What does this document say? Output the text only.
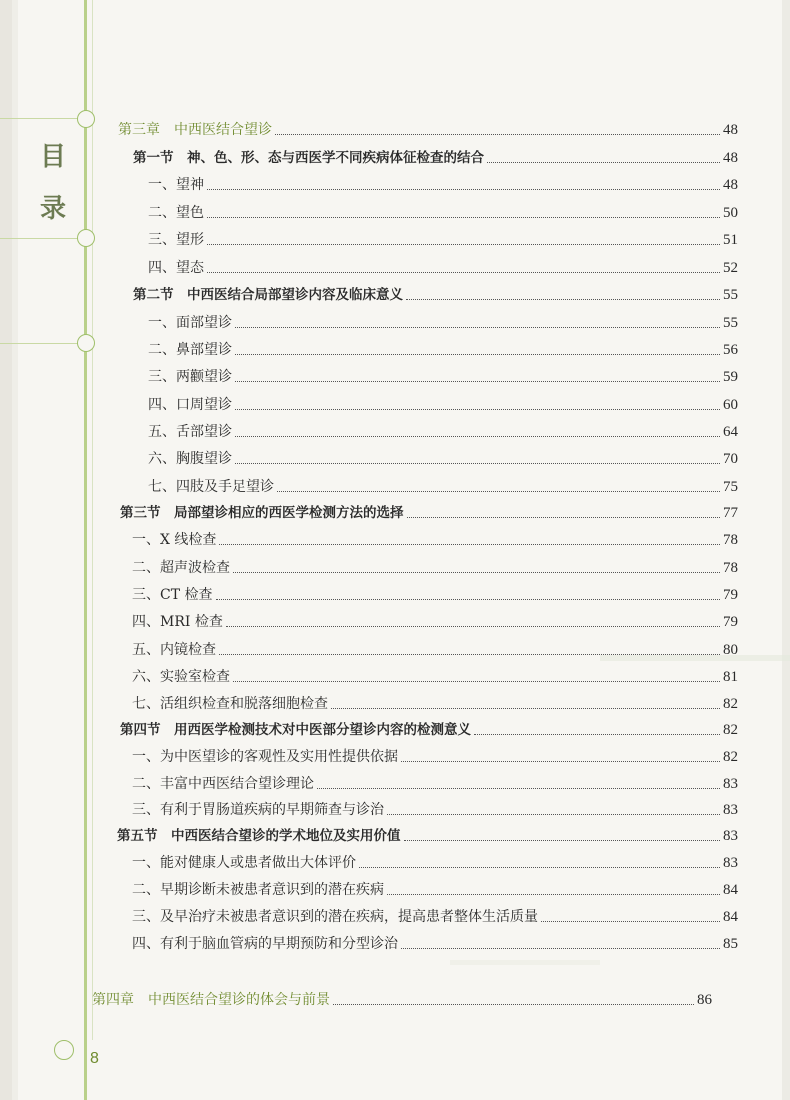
目
录
第三章　中西医结合望诊	48
第一节　神、色、形、态与西医学不同疾病体征检查的结合	48
一、望神	48
二、望色	50
三、望形	51
四、望态	52
第二节　中西医结合局部望诊内容及临床意义	55
一、面部望诊	55
二、鼻部望诊	56
三、两颧望诊	59
四、口周望诊	60
五、舌部望诊	64
六、胸腹望诊	70
七、四肢及手足望诊	75
第三节　局部望诊相应的西医学检测方法的选择	77
一、X 线检查	78
二、超声波检查	78
三、CT 检查	79
四、MRI 检查	79
五、内镜检查	80
六、实验室检查	81
七、活组织检查和脱落细胞检查	82
第四节　用西医学检测技术对中医部分望诊内容的检测意义	82
一、为中医望诊的客观性及实用性提供依据	82
二、丰富中西医结合望诊理论	83
三、有利于胃肠道疾病的早期筛查与诊治	83
第五节　中西医结合望诊的学术地位及实用价值	83
一、能对健康人或患者做出大体评价	83
二、早期诊断未被患者意识到的潜在疾病	84
三、及早治疗未被患者意识到的潜在疾病，提高患者整体生活质量	84
四、有利于脑血管病的早期预防和分型诊治	85
第四章　中西医结合望诊的体会与前景	86
8
